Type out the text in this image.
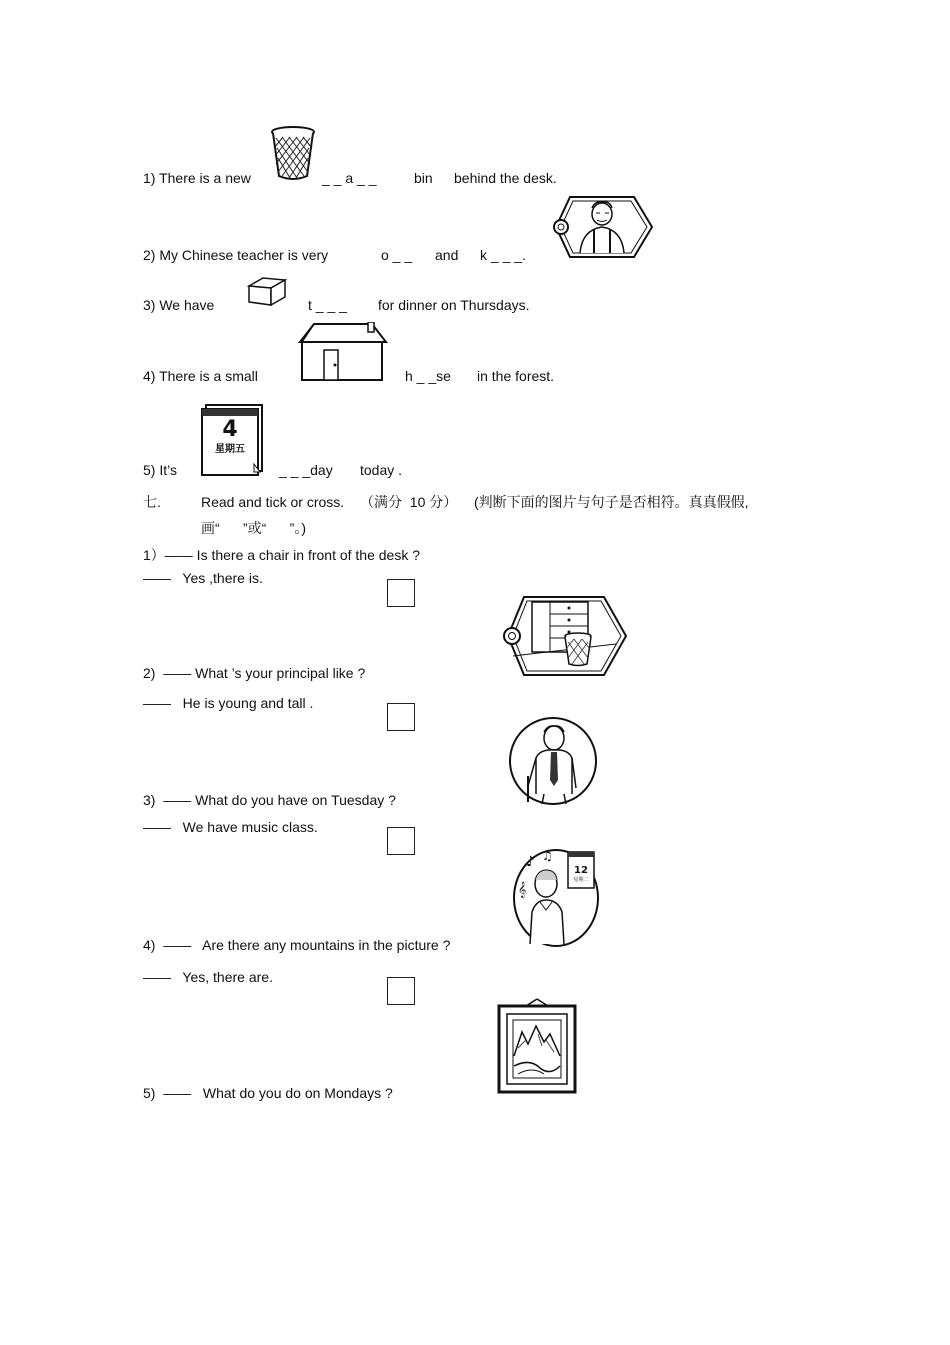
1) There is a new	_ _ a _ _	bin behind the desk.
2) My Chinese teacher is very	o _ _ and k _ _ _.
3) We have	t _ _ _ for dinner on Thursdays.
4) There is a small	h _ _se in the forest.
5) It’s
4
星期五
_ _ _day today .
七.	Read and tick or cross. （满分  10 分） (判断下面的图片与句子是否相符。真真假假,
画“      ”或“      ”。)
1）—— Is there a chair in front of the desk ?
——   Yes ,there is.
2)  —— What ’s your principal like ?
——   He is young and tall .
3)  —— What do you have on Tuesday ?
——   We have music class.
♪ ♫
𝄞
12
星期二
4)  ——   Are there any mountains in the picture ?
——   Yes, there are.
5)  ——   What do you do on Mondays ?
